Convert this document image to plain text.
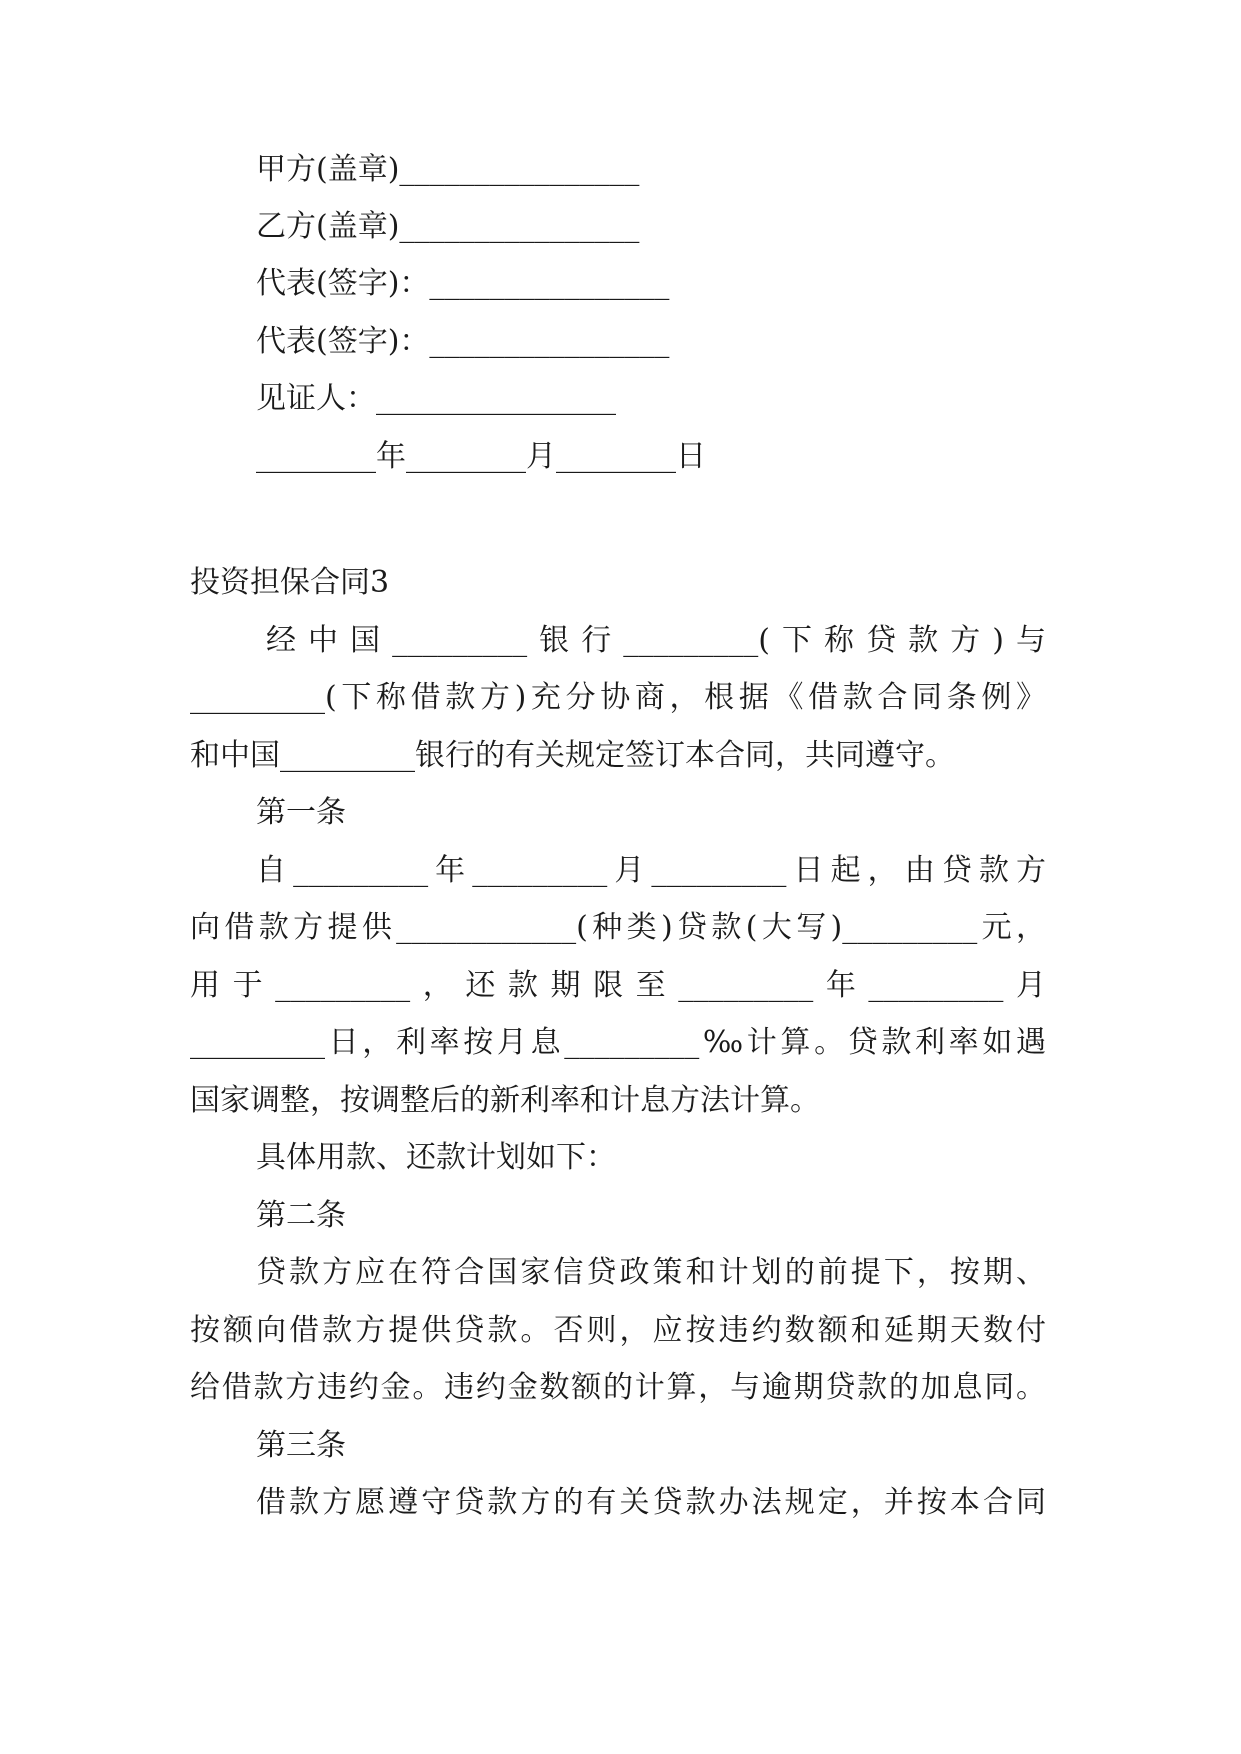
甲方(盖章)________________
乙方(盖章)________________
代表(签字)：________________
代表(签字)：________________
见证人：________________
________年________月________日
投资担保合同3
经中国_________银行_________(下称贷款方)与
_________(下称借款方)充分协商，根据《借款合同条例》
和中国_________银行的有关规定签订本合同，共同遵守。
第一条
自_________年_________月_________日起，由贷款方
向借款方提供____________(种类)贷款(大写)_________元，
用于_________，还款期限至_________年_________月
_________日，利率按月息_________‰计算。贷款利率如遇
国家调整，按调整后的新利率和计息方法计算。
具体用款、还款计划如下：
第二条
贷款方应在符合国家信贷政策和计划的前提下，按期、
按额向借款方提供贷款。否则，应按违约数额和延期天数付
给借款方违约金。违约金数额的计算，与逾期贷款的加息同。
第三条
借款方愿遵守贷款方的有关贷款办法规定，并按本合同
